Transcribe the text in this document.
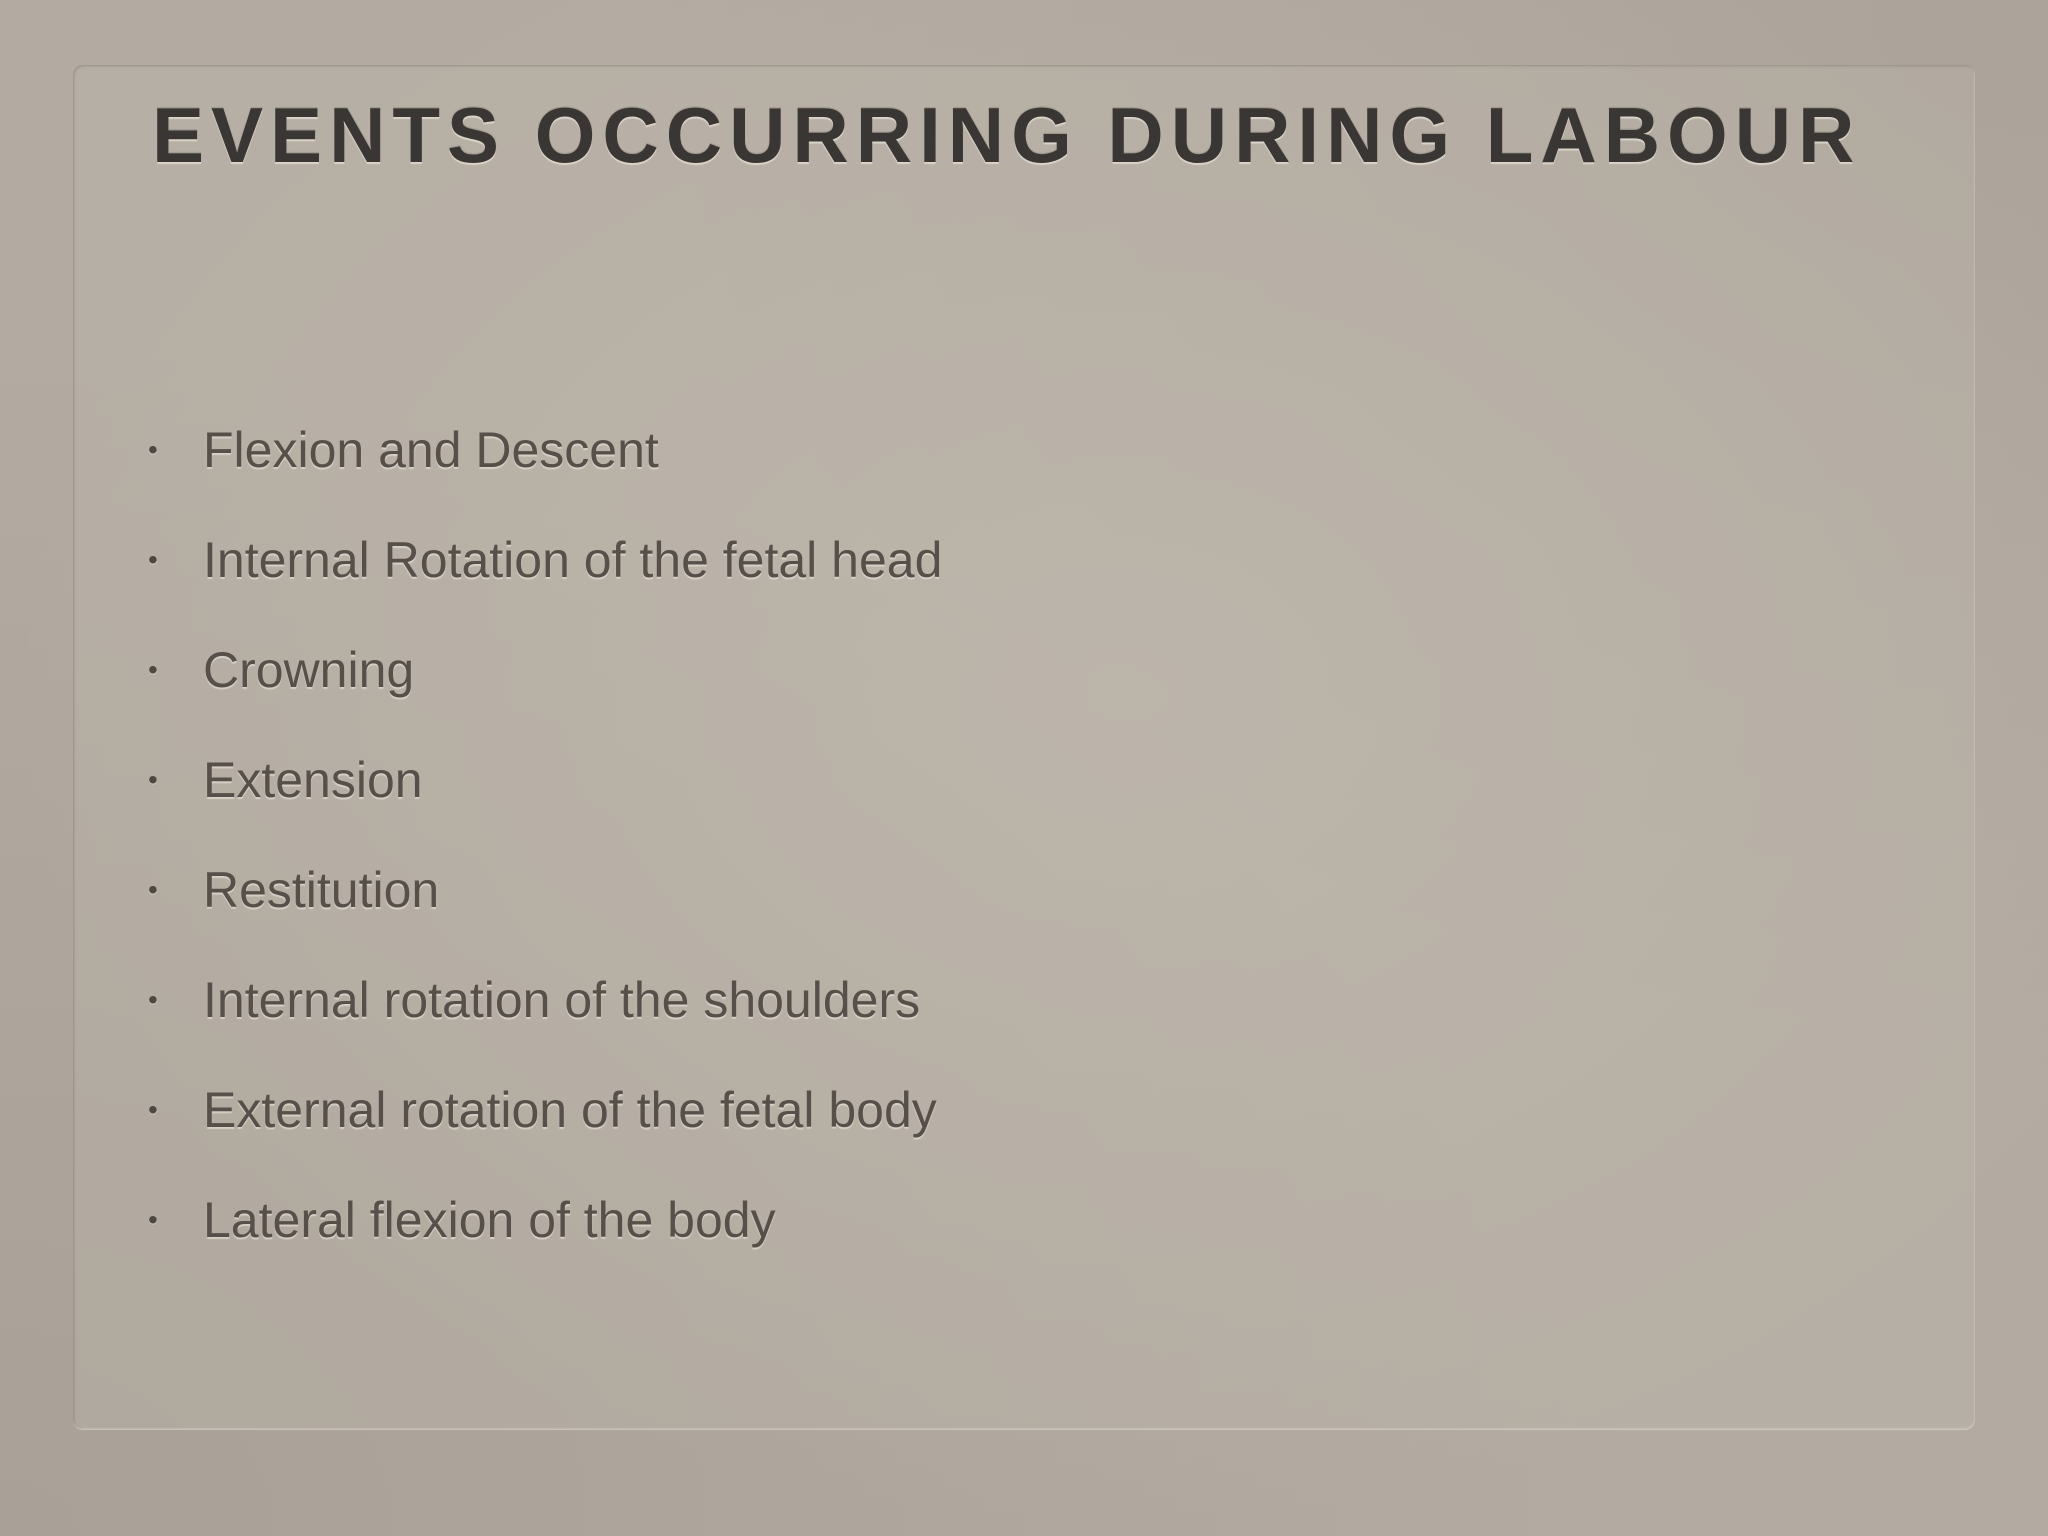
EVENTS OCCURRING DURING LABOUR
• Flexion and Descent
• Internal Rotation of the fetal head
• Crowning
• Extension
• Restitution
• Internal rotation of the shoulders
• External rotation of the fetal body
• Lateral flexion of the body
